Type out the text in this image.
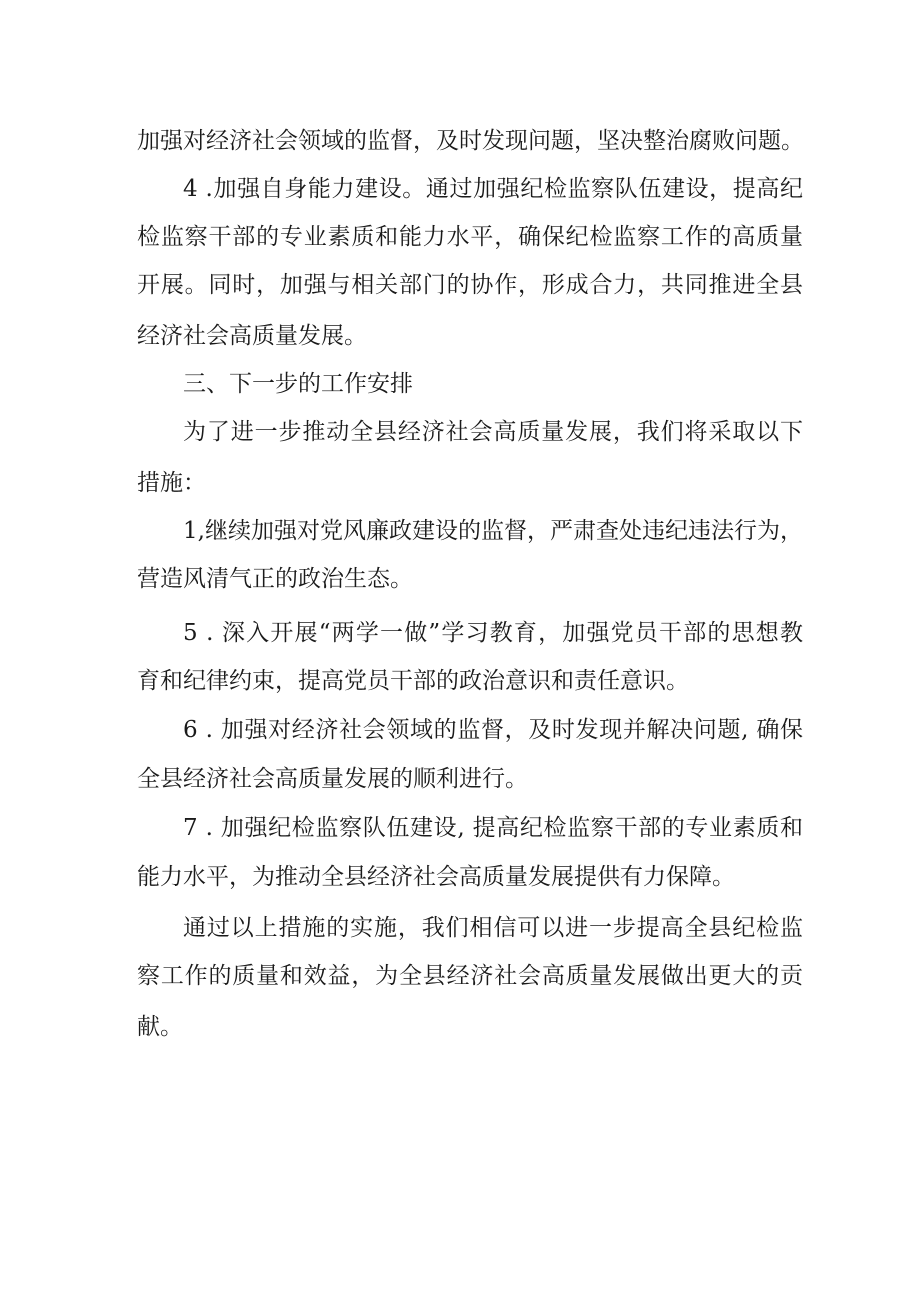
加强对经济社会领域的监督，及时发现问题，坚决整治腐败问题。

4 .加强自身能力建设。通过加强纪检监察队伍建设，提高纪

检监察干部的专业素质和能力水平，确保纪检监察工作的高质量

开展。同时，加强与相关部门的协作，形成合力，共同推进全县

经济社会高质量发展。

三、下一步的工作安排

为了进一步推动全县经济社会高质量发展，我们将采取以下

措施：

1,继续加强对党风廉政建设的监督，严肃查处违纪违法行为，

营造风清气正的政治生态。

5 . 深入开展“两学一做”学习教育，加强党员干部的思想教

育和纪律约束，提高党员干部的政治意识和责任意识。

6 . 加强对经济社会领域的监督，及时发现并解决问题, 确保

全县经济社会高质量发展的顺利进行。

7 . 加强纪检监察队伍建设, 提高纪检监察干部的专业素质和

能力水平，为推动全县经济社会高质量发展提供有力保障。

通过以上措施的实施，我们相信可以进一步提高全县纪检监

察工作的质量和效益，为全县经济社会高质量发展做出更大的贡

献。
